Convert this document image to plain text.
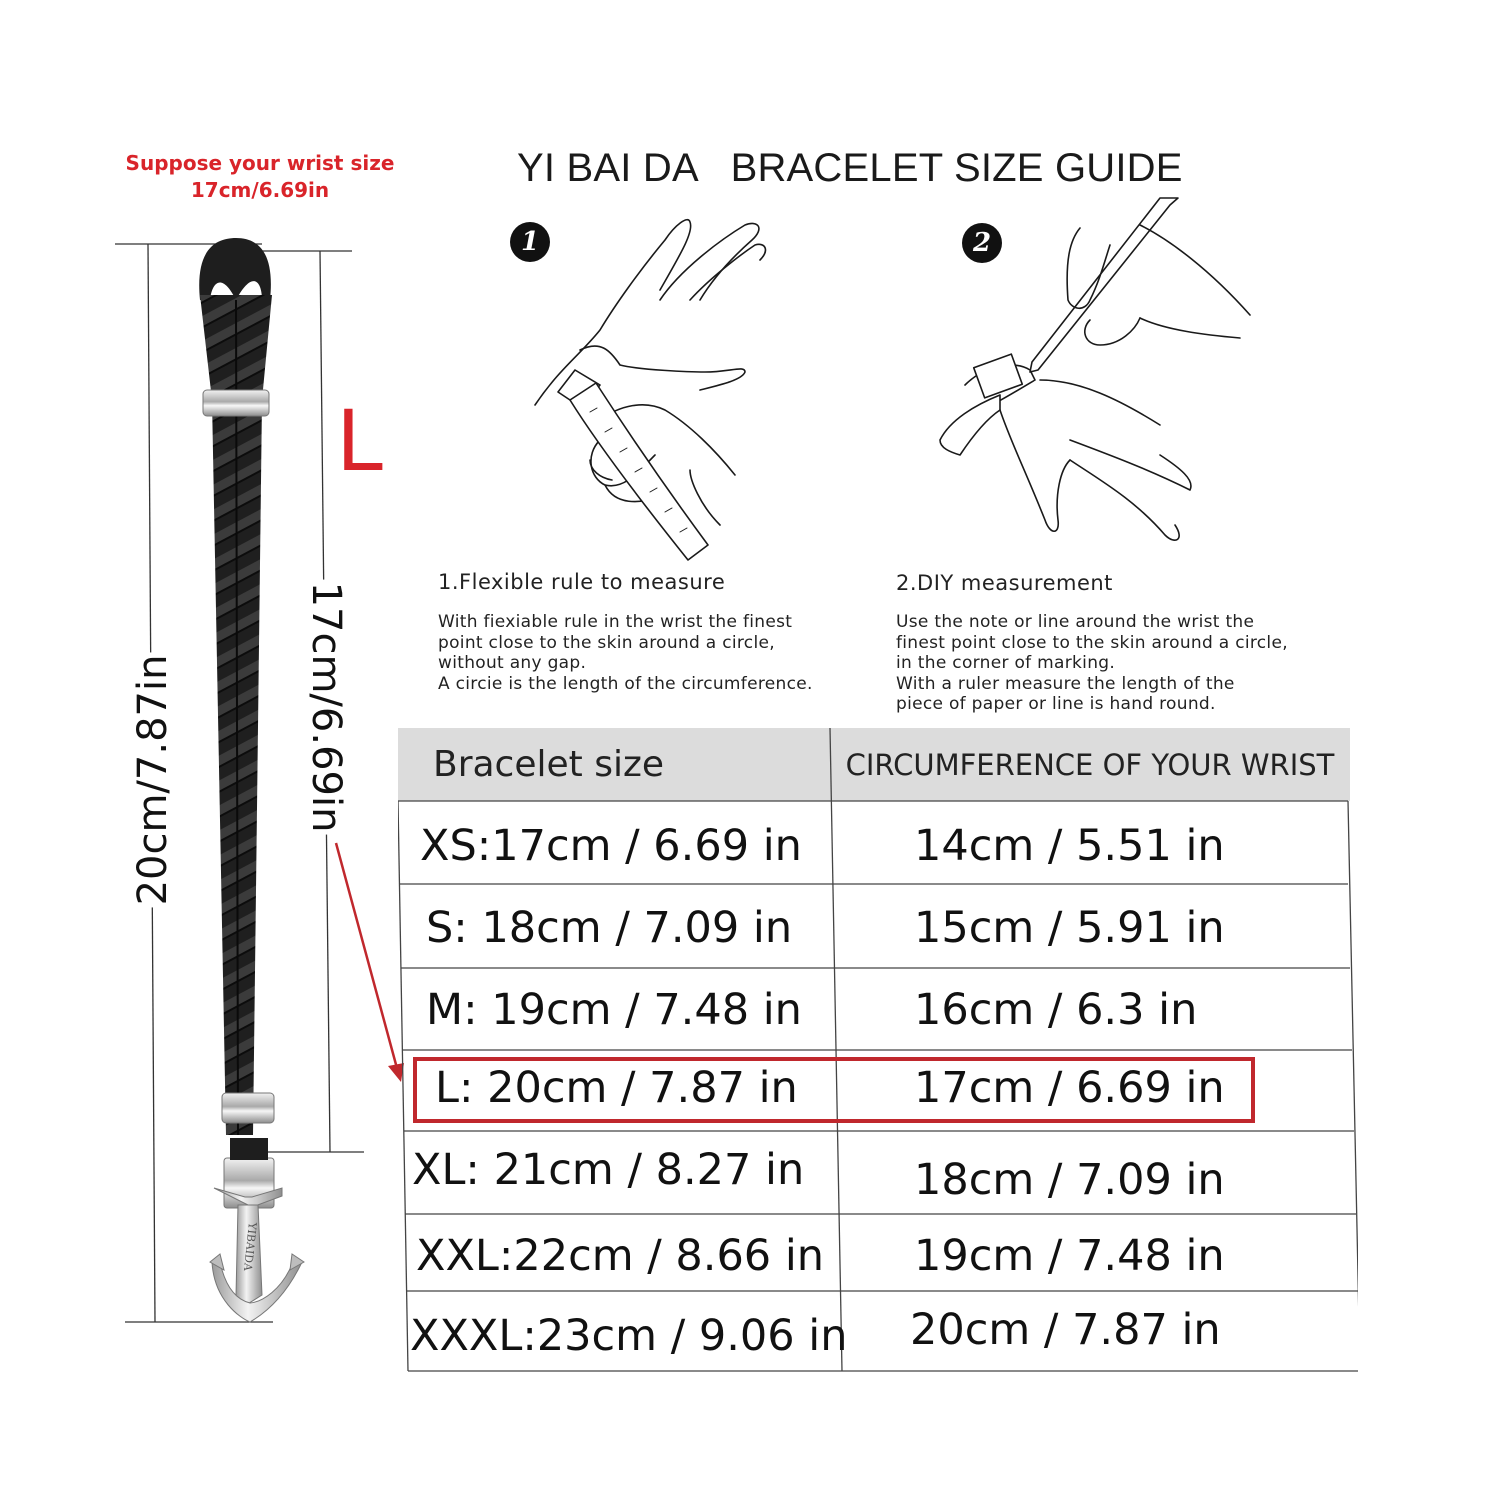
Suppose your wrist size
17cm/6.69in	YI BAI DA   BRACELET SIZE GUIDE
YIBAIDA
1	2
1.Flexible rule to measure
With fiexiable rule in the wrist the finest
point close to the skin around a circle,
without any gap.
A circie is the length of the circumference.
2.DIY measurement
Use the note or line around the wrist the
finest point close to the skin around a circle,
in the corner of marking.
With a ruler measure the length of the
piece of paper or line is hand round.
L
20cm/7.87in	17cm/6.69in	Bracelet size	CIRCUMFERENCE OF YOUR WRIST
XS:17cm / 6.69 in	14cm / 5.51 in
S: 18cm / 7.09 in	15cm / 5.91 in
M: 19cm / 7.48 in	16cm / 6.3 in
L: 20cm / 7.87 in	17cm / 6.69 in
XL: 21cm / 8.27 in	18cm / 7.09 in
XXL:22cm / 8.66 in 19cm / 7.48 in
XXXL:23cm / 9.06 in 20cm / 7.87 in
